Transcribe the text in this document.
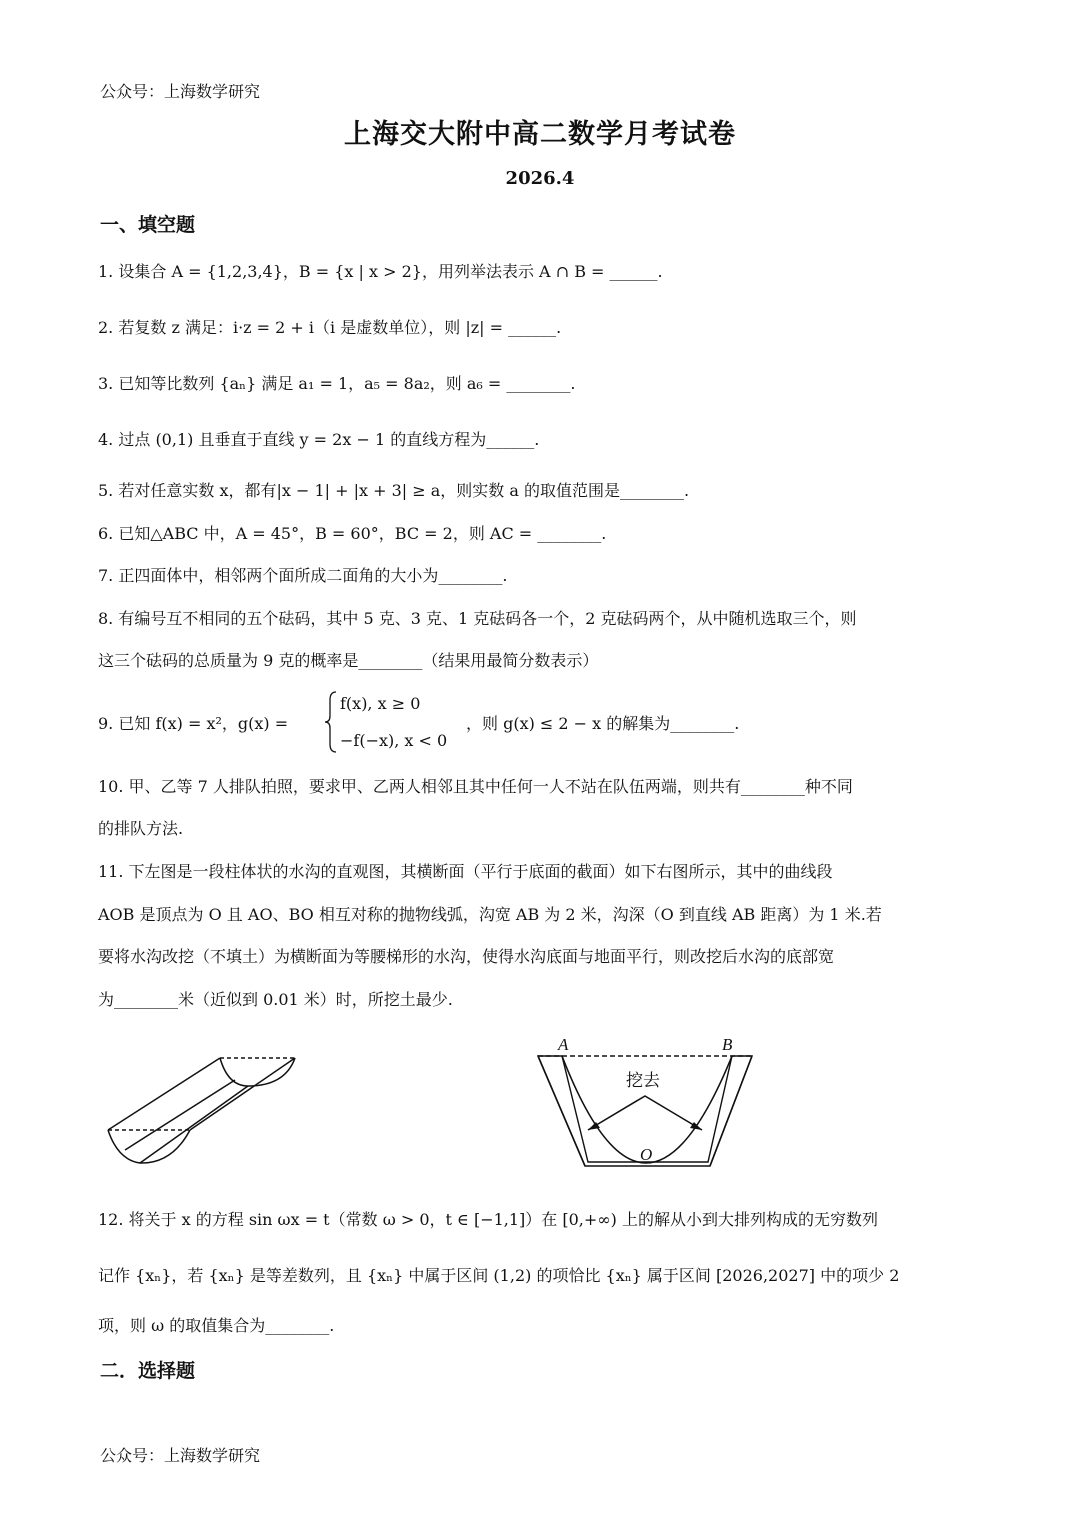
公众号：上海数学研究
上海交大附中高二数学月考试卷
2026.4
一、填空题
1. 设集合 A = {1,2,3,4}，B = {x | x > 2}，用列举法表示 A ∩ B = ______.
2. 若复数 z 满足：i·z = 2 + i（i 是虚数单位），则 |z| = ______.
3. 已知等比数列 {aₙ} 满足 a₁ = 1，a₅ = 8a₂，则 a₆ = ________.
4. 过点 (0,1) 且垂直于直线 y = 2x − 1 的直线方程为______.
5. 若对任意实数 x，都有|x − 1| + |x + 3| ≥ a，则实数 a 的取值范围是________.
6. 已知△ABC 中，A = 45°，B = 60°，BC = 2，则 AC = ________.
7. 正四面体中，相邻两个面所成二面角的大小为________.
8. 有编号互不相同的五个砝码，其中 5 克、3 克、1 克砝码各一个，2 克砝码两个，从中随机选取三个，则
这三个砝码的总质量为 9 克的概率是________（结果用最简分数表示）
9. 已知 f(x) = x²，g(x) =
f(x), x ≥ 0
−f(−x), x < 0
，则 g(x) ≤ 2 − x 的解集为________.
10. 甲、乙等 7 人排队拍照，要求甲、乙两人相邻且其中任何一人不站在队伍两端，则共有________种不同
的排队方法.
11. 下左图是一段柱体状的水沟的直观图，其横断面（平行于底面的截面）如下右图所示，其中的曲线段
AOB 是顶点为 O 且 AO、BO 相互对称的抛物线弧，沟宽 AB 为 2 米，沟深（O 到直线 AB 距离）为 1 米.若
要将水沟改挖（不填土）为横断面为等腰梯形的水沟，使得水沟底面与地面平行，则改挖后水沟的底部宽
为________米（近似到 0.01 米）时，所挖土最少.
A	B
O
挖去
12. 将关于 x 的方程 sin ωx = t（常数 ω > 0，t ∈ [−1,1]）在 [0,+∞) 上的解从小到大排列构成的无穷数列
记作 {xₙ}，若 {xₙ} 是等差数列，且 {xₙ} 中属于区间 (1,2) 的项恰比 {xₙ} 属于区间 [2026,2027] 中的项少 2
项，则 ω 的取值集合为________.
二．选择题
公众号：上海数学研究
